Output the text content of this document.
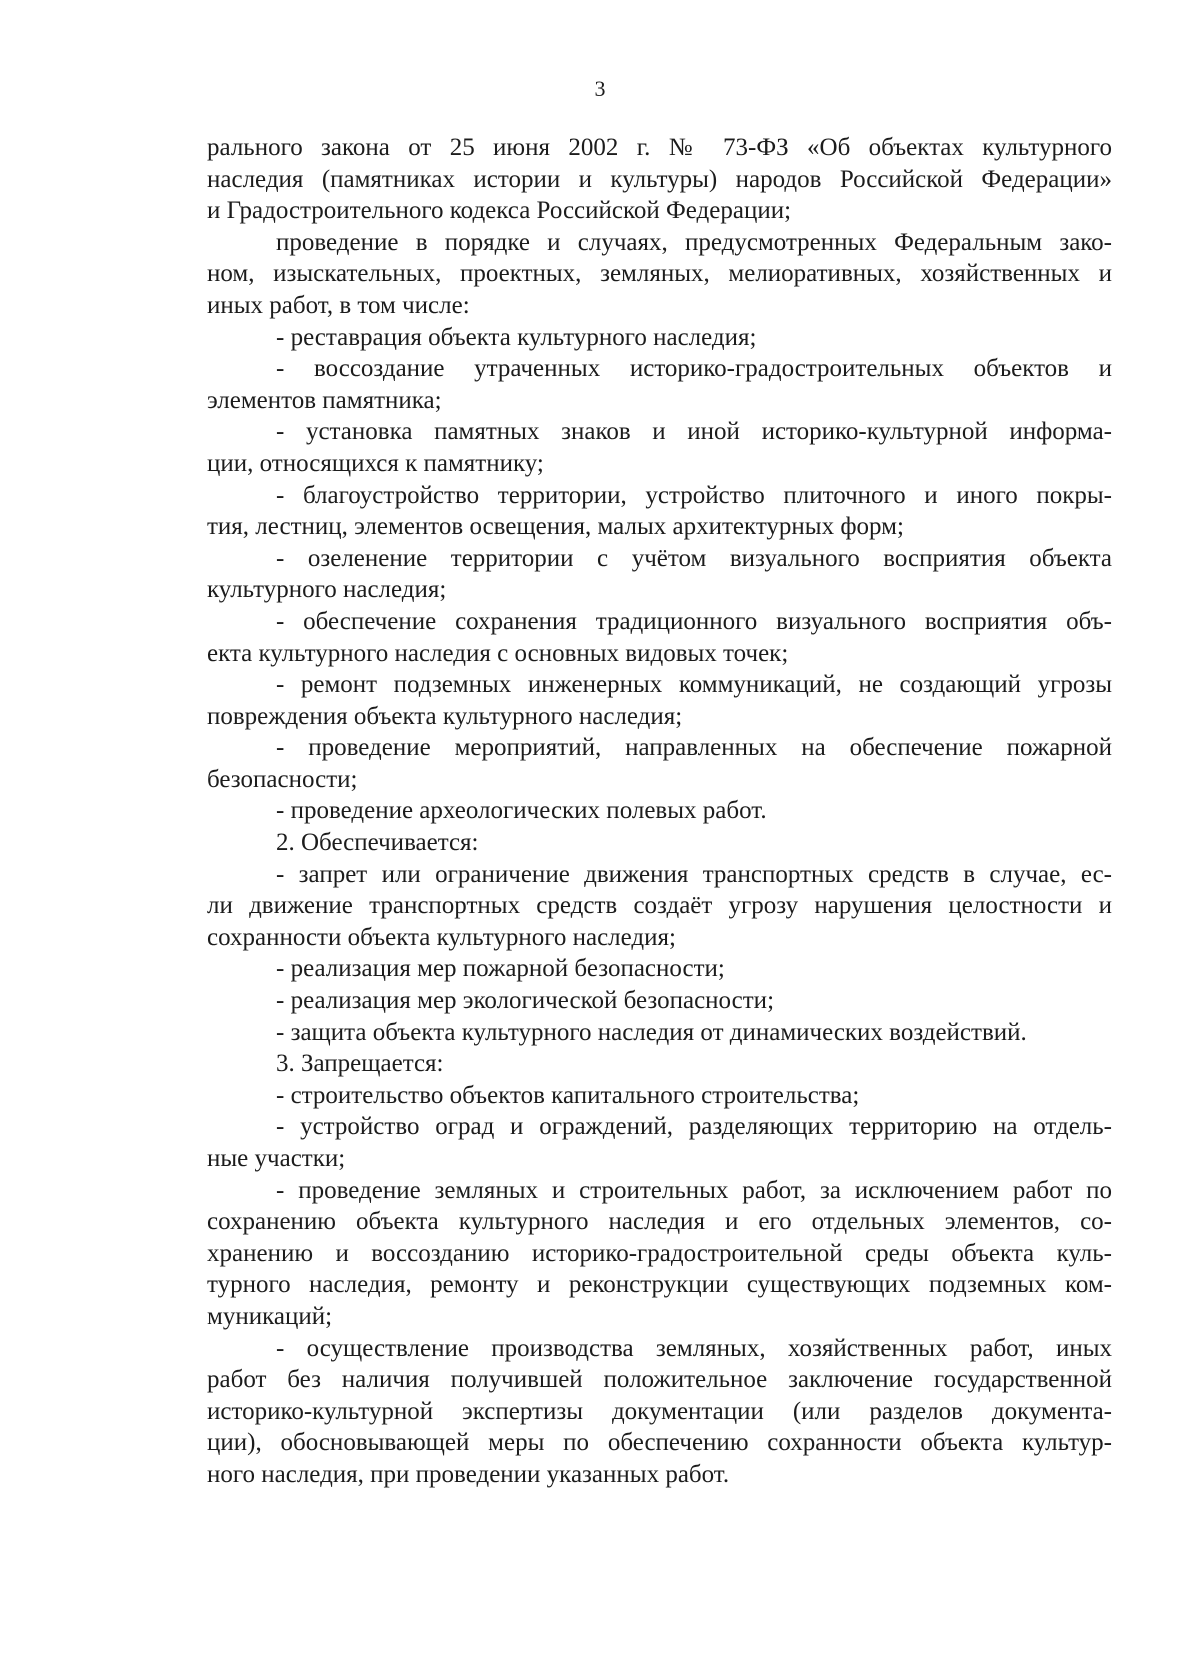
3
рального закона от 25 июня 2002 г. № 73-ФЗ «Об объектах культурного
наследия (памятниках истории и культуры) народов Российской Федерации»
и Градостроительного кодекса Российской Федерации;
проведение в порядке и случаях, предусмотренных Федеральным зако-
ном, изыскательных, проектных, земляных, мелиоративных, хозяйственных и
иных работ, в том числе:
- реставрация объекта культурного наследия;
- воссоздание утраченных историко-градостроительных объектов и
элементов памятника;
- установка памятных знаков и иной историко-культурной информа-
ции, относящихся к памятнику;
- благоустройство территории, устройство плиточного и иного покры-
тия, лестниц, элементов освещения, малых архитектурных форм;
- озеленение территории с учётом визуального восприятия объекта
культурного наследия;
- обеспечение сохранения традиционного визуального восприятия объ-
екта культурного наследия с основных видовых точек;
- ремонт подземных инженерных коммуникаций, не создающий угрозы
повреждения объекта культурного наследия;
- проведение мероприятий, направленных на обеспечение пожарной
безопасности;
- проведение археологических полевых работ.
2. Обеспечивается:
- запрет или ограничение движения транспортных средств в случае, ес-
ли движение транспортных средств создаёт угрозу нарушения целостности и
сохранности объекта культурного наследия;
- реализация мер пожарной безопасности;
- реализация мер экологической безопасности;
- защита объекта культурного наследия от динамических воздействий.
3. Запрещается:
- строительство объектов капитального строительства;
- устройство оград и ограждений, разделяющих территорию на отдель-
ные участки;
- проведение земляных и строительных работ, за исключением работ по
сохранению объекта культурного наследия и его отдельных элементов, со-
хранению и воссозданию историко-градостроительной среды объекта куль-
турного наследия, ремонту и реконструкции существующих подземных ком-
муникаций;
- осуществление производства земляных, хозяйственных работ, иных
работ без наличия получившей положительное заключение государственной
историко-культурной экспертизы документации (или разделов документа-
ции), обосновывающей меры по обеспечению сохранности объекта культур-
ного наследия, при проведении указанных работ.
